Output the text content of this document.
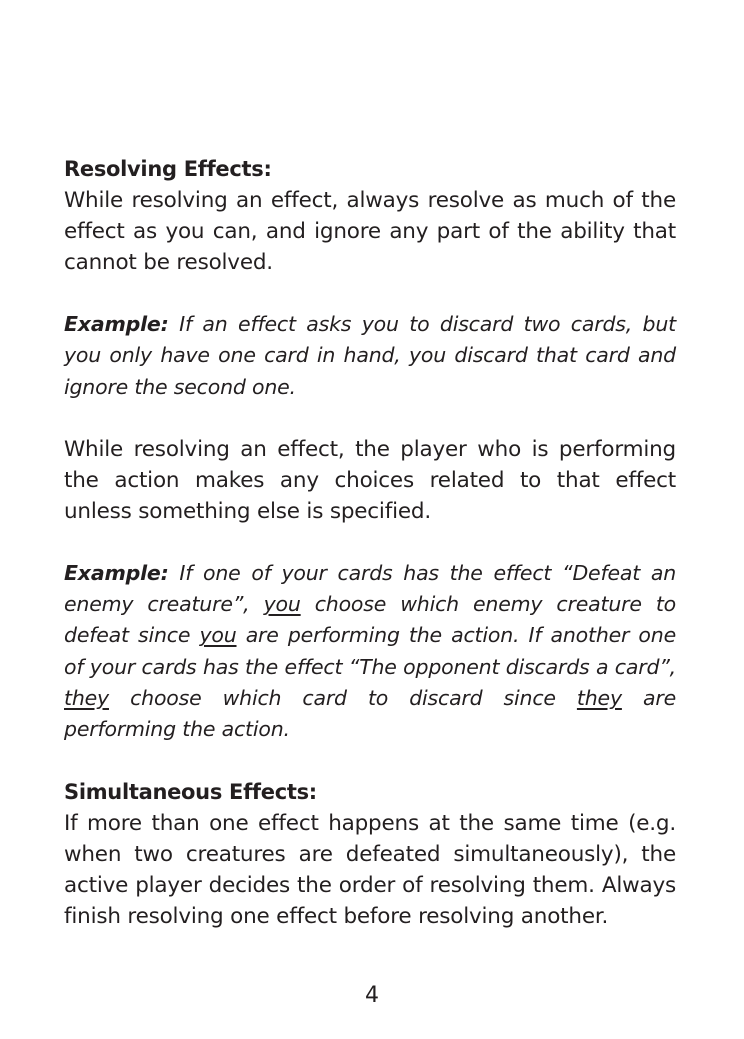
Resolving Effects:

While resolving an effect, always resolve as much of the effect as you can, and ignore any part of the ability that cannot be resolved.

Example: If an effect asks you to discard two cards, but you only have one card in hand, you discard that card and ignore the second one.

While resolving an effect, the player who is performing the action makes any choices related to that effect unless something else is specified.

Example: If one of your cards has the effect “Defeat an enemy creature”, you choose which enemy creature to defeat since you are performing the action. If another one of your cards has the effect “The opponent discards a card”, they choose which card to discard since they are performing the action.

Simultaneous Effects:

If more than one effect happens at the same time (e.g. when two creatures are defeated simultaneously), the active player decides the order of resolving them. Always finish resolving one effect before resolving another.

4
